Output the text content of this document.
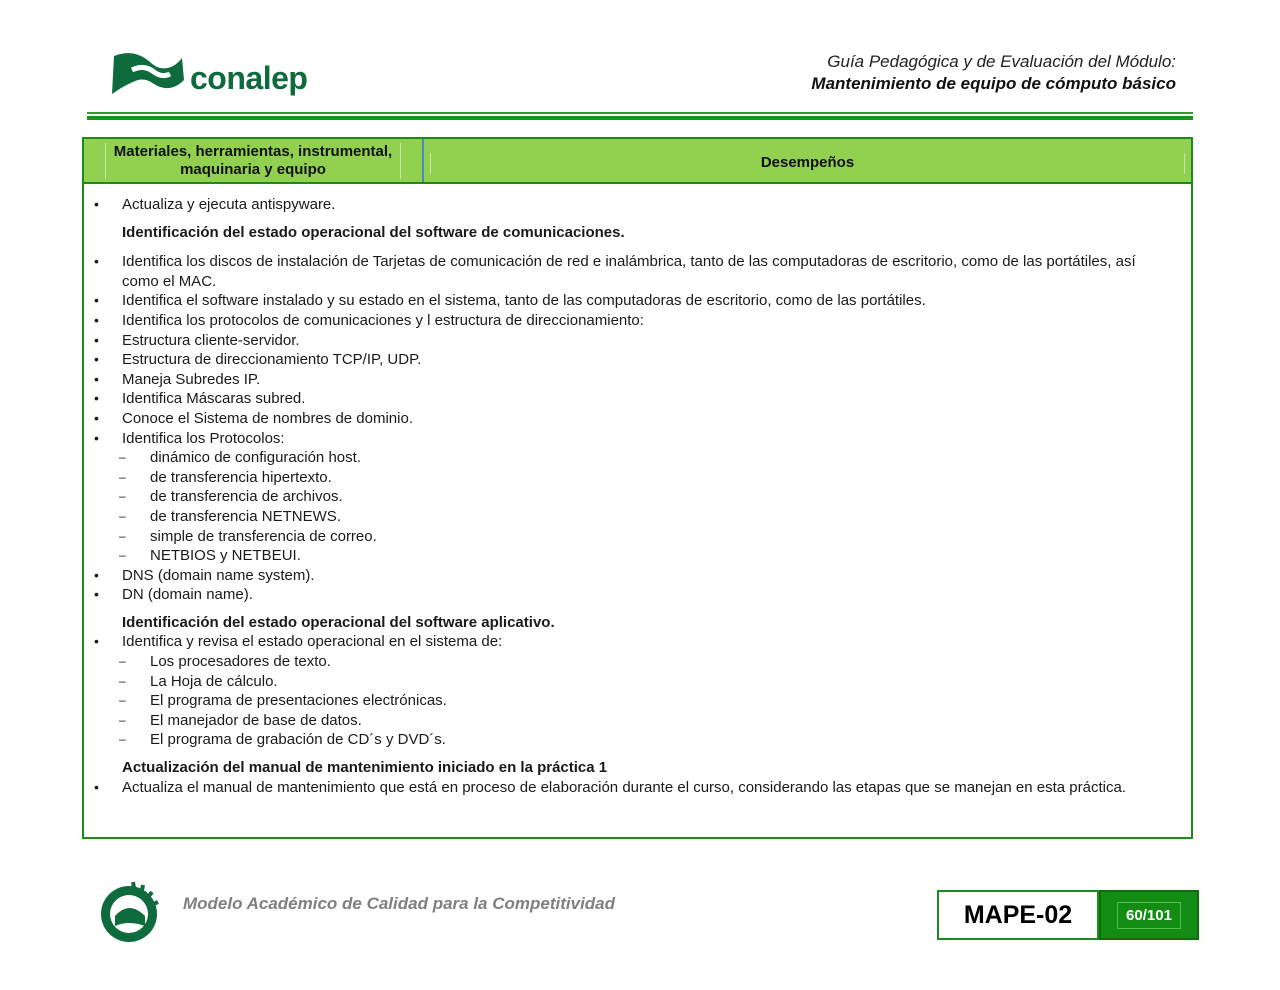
conalep	Guía Pedagógica y de Evaluación del Módulo:
Mantenimiento de equipo de cómputo básico
Materiales, herramientas, instrumental,
maquinaria y equipo	Desempeños
• Actualiza y ejecuta antispyware.
Identificación del estado operacional del software de comunicaciones.
• Identifica los discos de instalación de Tarjetas de comunicación de red e inalámbrica, tanto de las computadoras de escritorio, como de las portátiles, así como el MAC.
• Identifica el software instalado y su estado en el sistema, tanto de las computadoras de escritorio, como de las portátiles.
• Identifica los protocolos de comunicaciones y l estructura de direccionamiento:
• Estructura cliente-servidor.
• Estructura de direccionamiento TCP/IP, UDP.
• Maneja Subredes IP.
• Identifica Máscaras subred.
• Conoce el Sistema de nombres de dominio.
• Identifica los Protocolos:
– dinámico de configuración host.
– de transferencia hipertexto.
– de transferencia de archivos.
– de transferencia NETNEWS.
– simple de transferencia de correo.
– NETBIOS y NETBEUI.
• DNS (domain name system).
• DN (domain name).
Identificación del estado operacional del software aplicativo.
• Identifica y revisa el estado operacional en el sistema de:
– Los procesadores de texto.
– La Hoja de cálculo.
– El programa de presentaciones electrónicas.
– El manejador de base de datos.
– El programa de grabación de CD´s y DVD´s.
Actualización del manual de mantenimiento iniciado en la práctica 1
• Actualiza el manual de mantenimiento que está en proceso de elaboración durante el curso, considerando las etapas que se manejan en esta práctica.
Modelo Académico de Calidad para la Competitividad	MAPE-02	60/101
